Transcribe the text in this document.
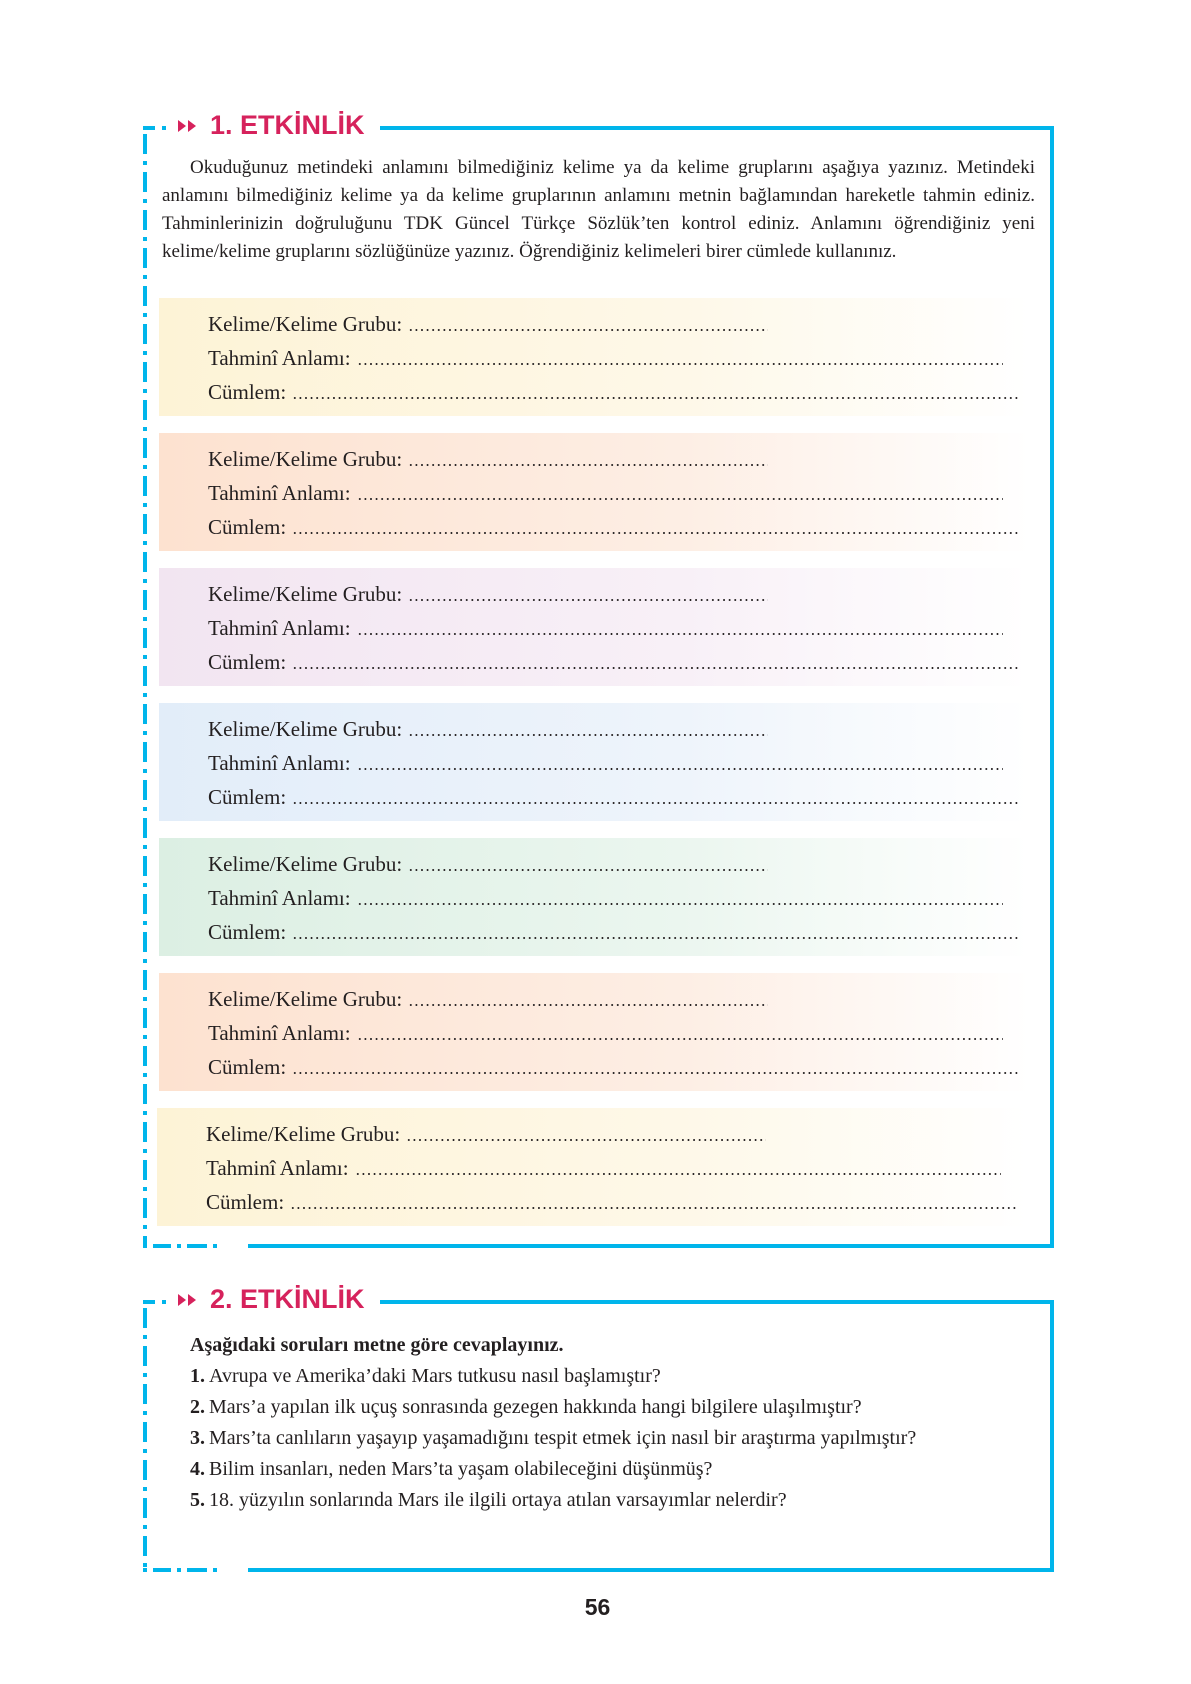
1. ETKİNLİK

Okuduğunuz metindeki anlamını bilmediğiniz kelime ya da kelime gruplarını aşağıya yazınız. Metindeki anlamını bilmediğiniz kelime ya da kelime gruplarının anlamını metnin bağlamından hareketle tahmin ediniz. Tahminlerinizin doğruluğunu TDK Güncel Türkçe Sözlük’ten kontrol ediniz. Anlamını öğrendiğiniz yeni kelime/kelime gruplarını sözlüğünüze yazınız. Öğrendiğiniz kelimeleri birer cümlede kullanınız.

Kelime/Kelime Grubu:
Tahminî Anlamı:
Cümlem:
Kelime/Kelime Grubu:
Tahminî Anlamı:
Cümlem:
Kelime/Kelime Grubu:
Tahminî Anlamı:
Cümlem:
Kelime/Kelime Grubu:
Tahminî Anlamı:
Cümlem:
Kelime/Kelime Grubu:
Tahminî Anlamı:
Cümlem:
Kelime/Kelime Grubu:
Tahminî Anlamı:
Cümlem:
Kelime/Kelime Grubu:
Tahminî Anlamı:
Cümlem:
2. ETKİNLİK
Aşağıdaki soruları metne göre cevaplayınız.
1. Avrupa ve Amerika’daki Mars tutkusu nasıl başlamıştır?
2. Mars’a yapılan ilk uçuş sonrasında gezegen hakkında hangi bilgilere ulaşılmıştır?
3. Mars’ta canlıların yaşayıp yaşamadığını tespit etmek için nasıl bir araştırma yapılmıştır?
4. Bilim insanları, neden Mars’ta yaşam olabileceğini düşünmüş?
5. 18. yüzyılın sonlarında Mars ile ilgili ortaya atılan varsayımlar nelerdir?
56
